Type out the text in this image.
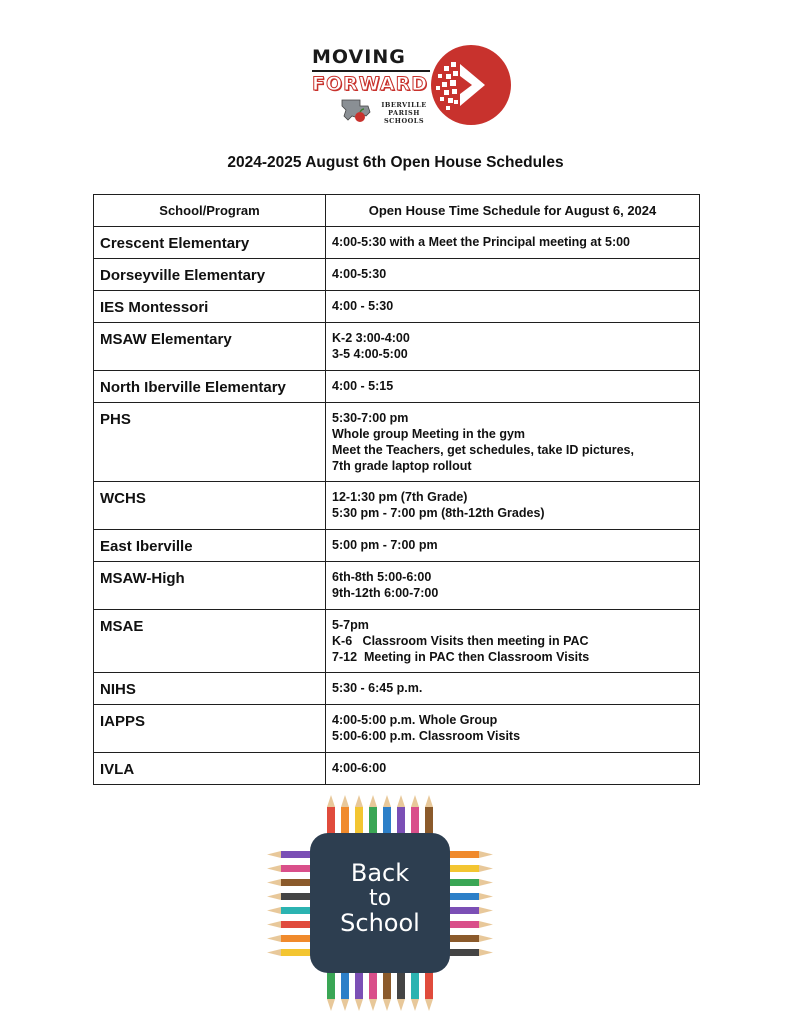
MOVING
FORWARD
IBERVILLE
PARISH
SCHOOLS
2024-2025 August 6th Open House Schedules
School/Program	Open House Time Schedule for August 6, 2024
Crescent Elementary	4:00-5:30 with a Meet the Principal meeting at 5:00

Dorseyville Elementary	4:00-5:30

IES Montessori	4:00 - 5:30

MSAW Elementary	K-2 3:00-4:00
3-5 4:00-5:00

North Iberville Elementary	4:00 - 5:15

PHS	5:30-7:00 pm
Whole group Meeting in the gym
Meet the Teachers, get schedules, take ID pictures,
7th grade laptop rollout

WCHS	12-1:30 pm (7th Grade)
5:30 pm - 7:00 pm (8th-12th Grades)

East Iberville	5:00 pm - 7:00 pm

MSAW-High	6th-8th 5:00-6:00
9th-12th 6:00-7:00

MSAE	5-7pm
K-6   Classroom Visits then meeting in PAC
7-12  Meeting in PAC then Classroom Visits

NIHS	5:30 - 6:45 p.m.

IAPPS	4:00-5:00 p.m. Whole Group
5:00-6:00 p.m. Classroom Visits

IVLA	4:00-6:00
Back
to
School
